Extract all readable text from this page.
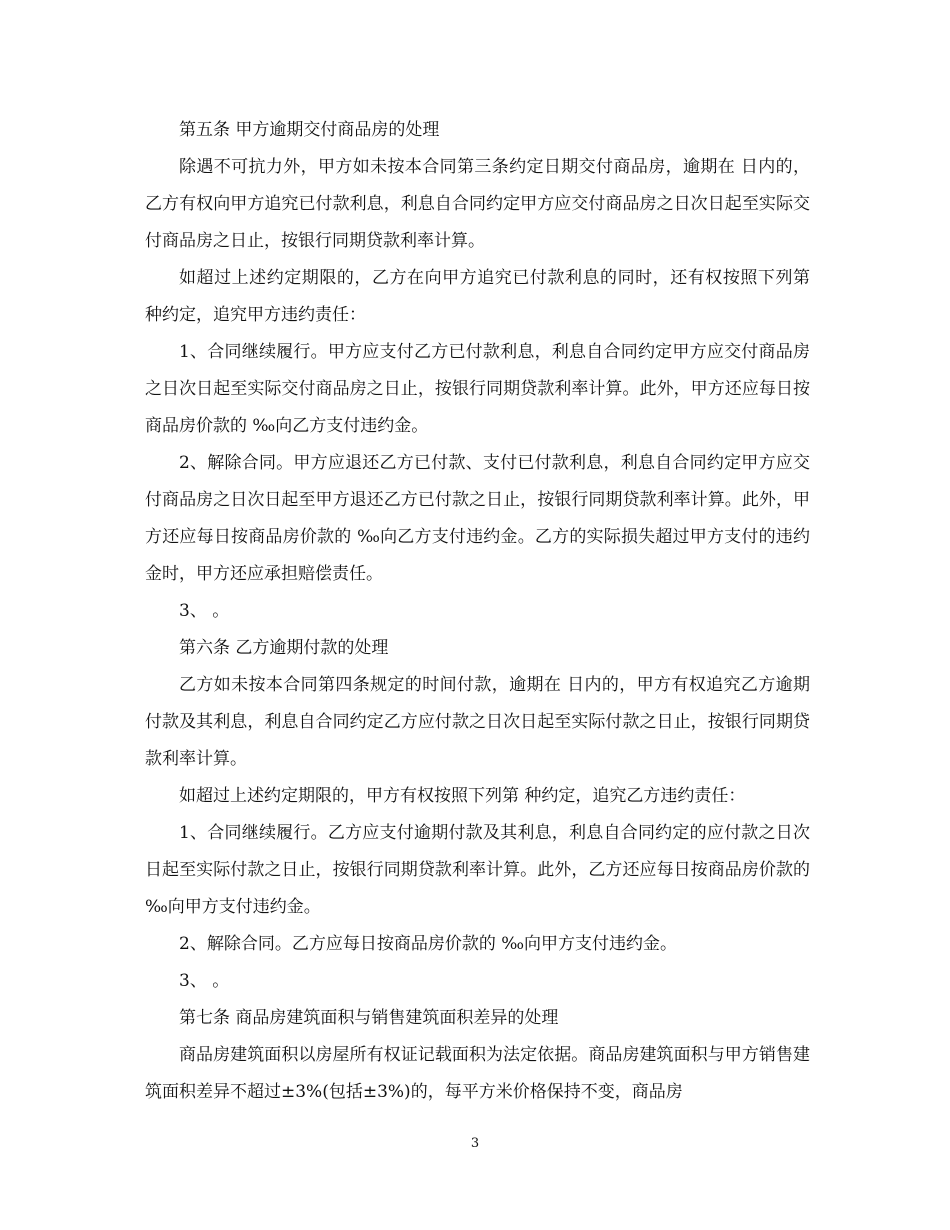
第五条 甲方逾期交付商品房的处理

除遇不可抗力外，甲方如未按本合同第三条约定日期交付商品房，逾期在 日内的，乙方有权向甲方追究已付款利息，利息自合同约定甲方应交付商品房之日次日起至实际交付商品房之日止，按银行同期贷款利率计算。

如超过上述约定期限的，乙方在向甲方追究已付款利息的同时，还有权按照下列第 种约定，追究甲方违约责任：

1、合同继续履行。甲方应支付乙方已付款利息，利息自合同约定甲方应交付商品房之日次日起至实际交付商品房之日止，按银行同期贷款利率计算。此外，甲方还应每日按商品房价款的 ‰向乙方支付违约金。

2、解除合同。甲方应退还乙方已付款、支付已付款利息，利息自合同约定甲方应交付商品房之日次日起至甲方退还乙方已付款之日止，按银行同期贷款利率计算。此外，甲方还应每日按商品房价款的 ‰向乙方支付违约金。乙方的实际损失超过甲方支付的违约金时，甲方还应承担赔偿责任。

3、 。

第六条 乙方逾期付款的处理

乙方如未按本合同第四条规定的时间付款，逾期在 日内的，甲方有权追究乙方逾期付款及其利息，利息自合同约定乙方应付款之日次日起至实际付款之日止，按银行同期贷款利率计算。

如超过上述约定期限的，甲方有权按照下列第 种约定，追究乙方违约责任：

1、合同继续履行。乙方应支付逾期付款及其利息，利息自合同约定的应付款之日次日起至实际付款之日止，按银行同期贷款利率计算。此外，乙方还应每日按商品房价款的 ‰向甲方支付违约金。

2、解除合同。乙方应每日按商品房价款的 ‰向甲方支付违约金。

3、 。

第七条 商品房建筑面积与销售建筑面积差异的处理

商品房建筑面积以房屋所有权证记载面积为法定依据。商品房建筑面积与甲方销售建筑面积差异不超过±3%(包括±3%)的，每平方米价格保持不变，商品房

3
